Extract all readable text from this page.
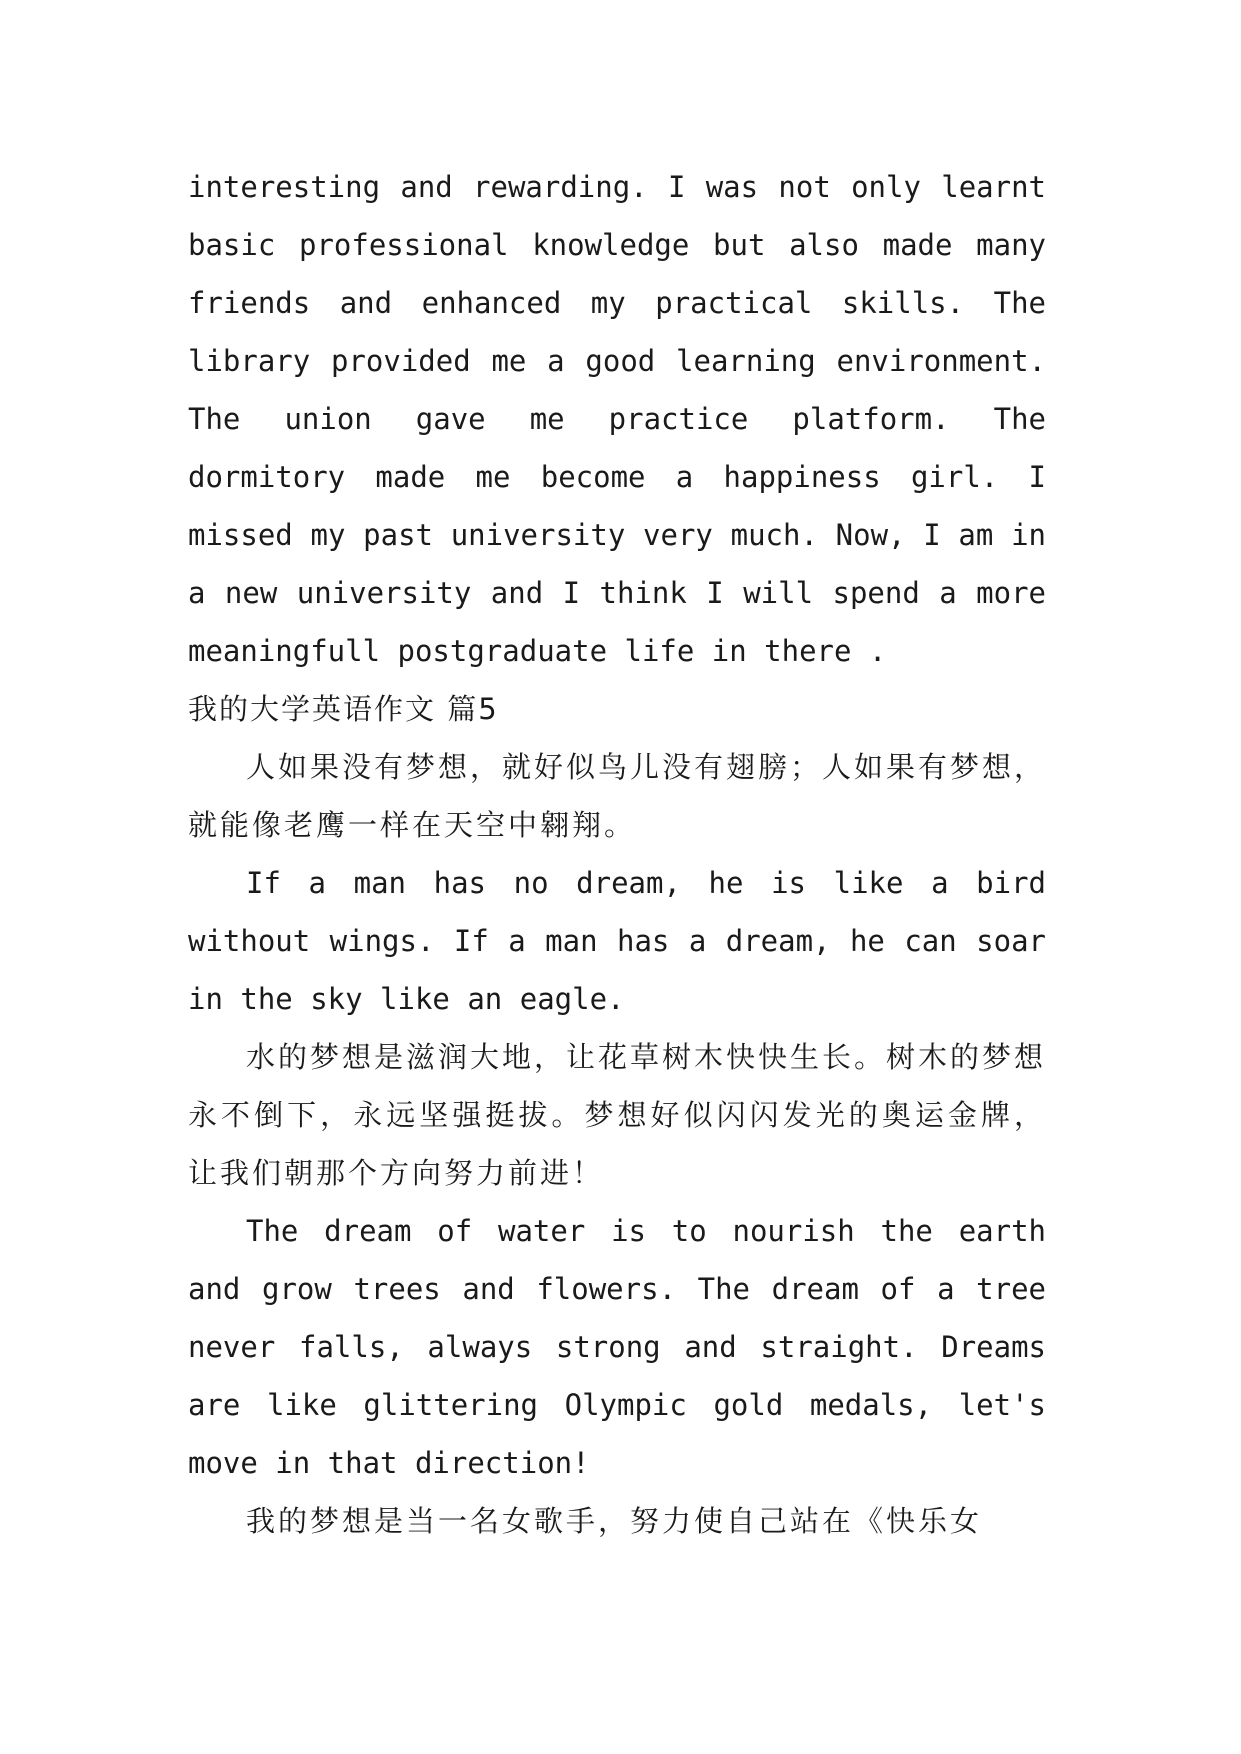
interesting and rewarding. I was not only learnt basic professional knowledge but also made many friends and enhanced my practical skills. The library provided me a good learning environment. The union gave me practice platform. The dormitory made me become a happiness girl. I missed my past university very much. Now, I am in a new university and I think I will spend a more meaningfull postgraduate life in there .

我的大学英语作文 篇5

人如果没有梦想，就好似鸟儿没有翅膀；人如果有梦想，就能像老鹰一样在天空中翱翔。

If a man has no dream, he is like a bird without wings. If a man has a dream, he can soar in the sky like an eagle.

水的梦想是滋润大地，让花草树木快快生长。树木的梦想永不倒下，永远坚强挺拔。梦想好似闪闪发光的奥运金牌，让我们朝那个方向努力前进！

The dream of water is to nourish the earth and grow trees and flowers. The dream of a tree never falls, always strong and straight. Dreams are like glittering Olympic gold medals, let's move in that direction!

我的梦想是当一名女歌手，努力使自己站在《快乐女
